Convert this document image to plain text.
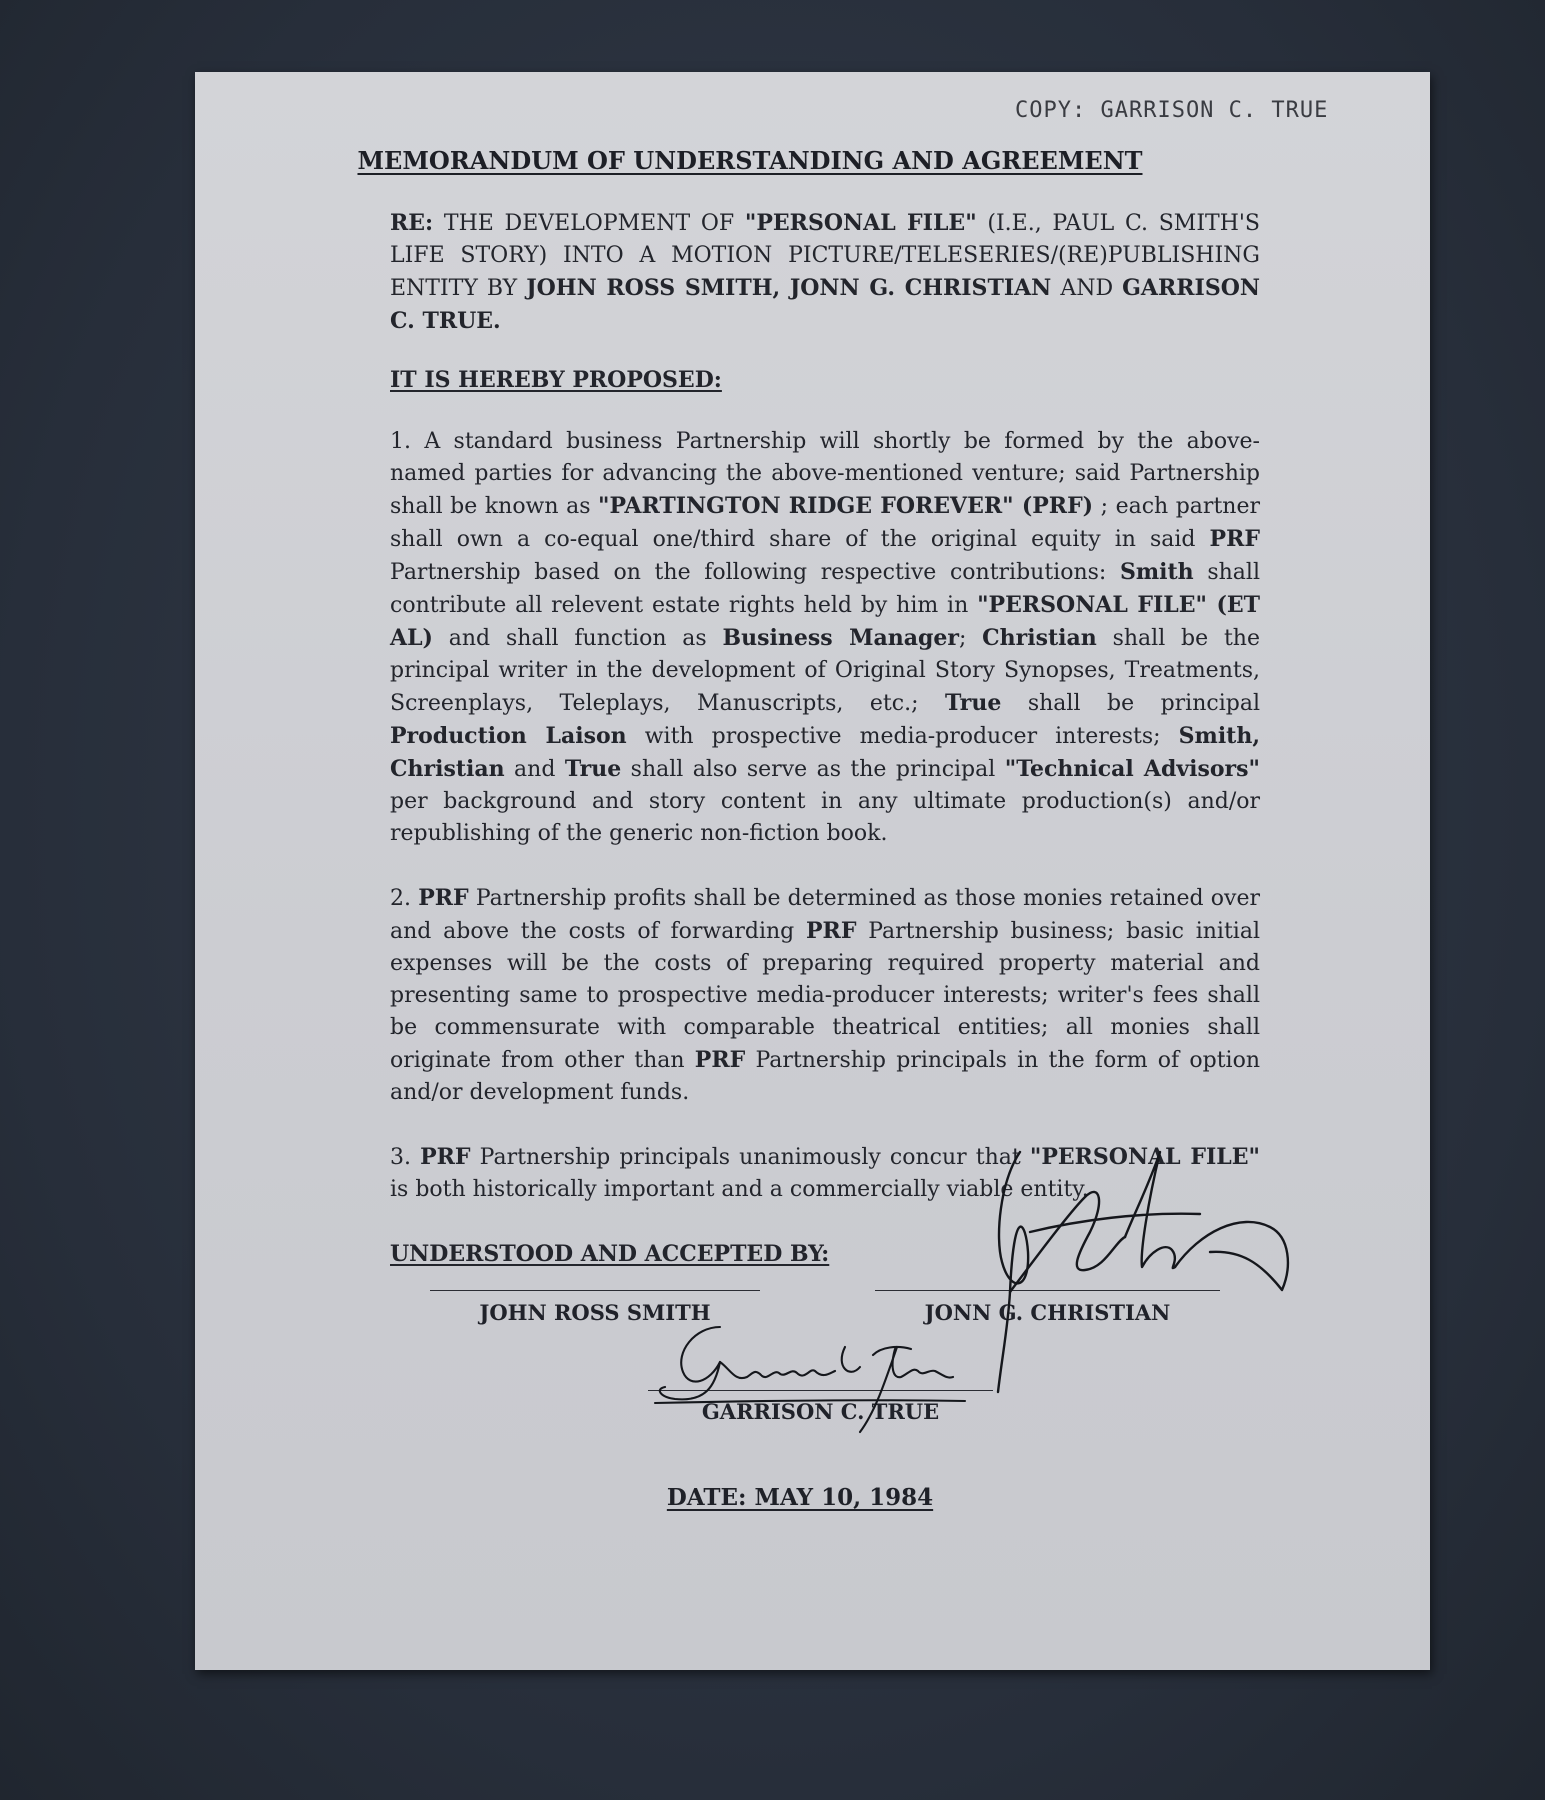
COPY: GARRISON C. TRUE
MEMORANDUM OF UNDERSTANDING AND AGREEMENT

RE: THE DEVELOPMENT OF "PERSONAL FILE" (I.E., PAUL C. SMITH'S LIFE STORY) INTO A MOTION PICTURE/TELESERIES/(RE)PUBLISHING ENTITY BY JOHN ROSS SMITH, JONN G. CHRISTIAN AND GARRISON C. TRUE.

IT IS HEREBY PROPOSED:

1. A standard business Partnership will shortly be formed by the above-named parties for advancing the above-mentioned venture; said Partnership shall be known as "PARTINGTON RIDGE FOREVER" (PRF) ; each partner shall own a co-equal one/third share of the original equity in said PRF Partnership based on the following respective contributions: Smith shall contribute all relevent estate rights held by him in "PERSONAL FILE" (ET AL) and shall function as Business Manager; Christian shall be the principal writer in the development of Original Story Synopses, Treatments, Screenplays, Teleplays, Manuscripts, etc.; True shall be principal Production Laison with prospective media-producer interests; Smith, Christian and True shall also serve as the principal "Technical Advisors" per background and story content in any ultimate production(s) and/or republishing of the generic non-fiction book.

2. PRF Partnership profits shall be determined as those monies retained over and above the costs of forwarding PRF Partnership business; basic initial expenses will be the costs of preparing required property material and presenting same to prospective media-producer interests; writer's fees shall be commensurate with comparable theatrical entities; all monies shall originate from other than PRF Partnership principals in the form of option and/or development funds.

3. PRF Partnership principals unanimously concur that "PERSONAL FILE" is both historically important and a commercially viable entity.

UNDERSTOOD AND ACCEPTED BY:

JOHN ROSS SMITH	JONN G. CHRISTIAN
GARRISON C. TRUE
DATE: MAY 10, 1984
